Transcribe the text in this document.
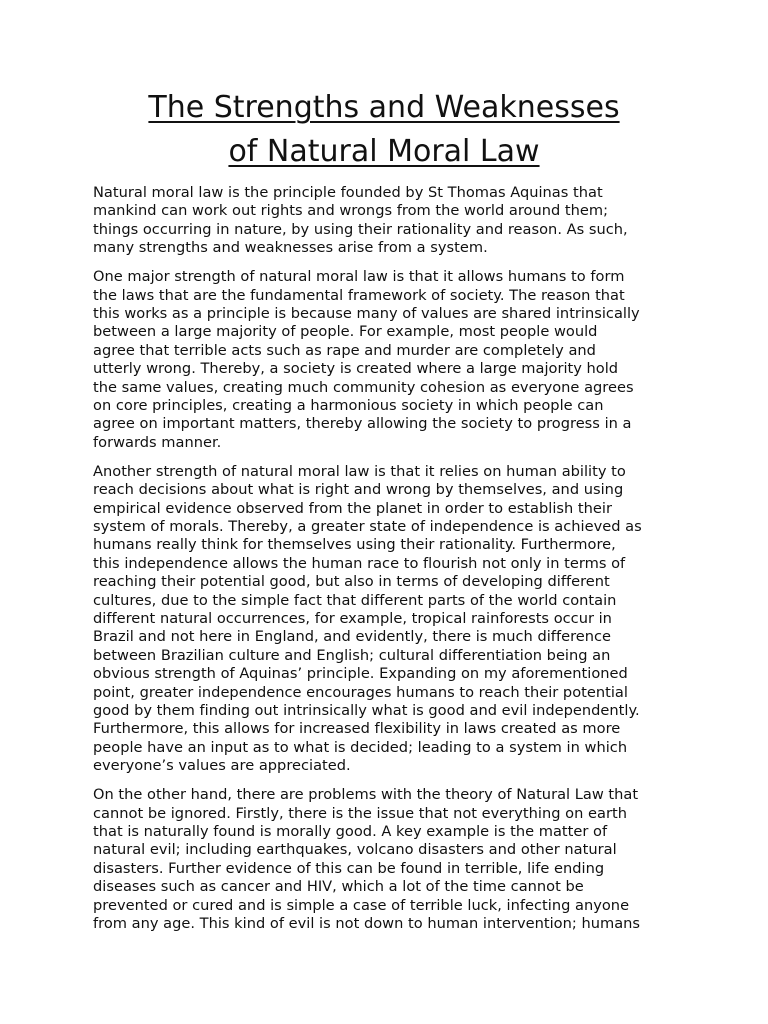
The Strengths and Weaknesses
of Natural Moral Law

Natural moral law is the principle founded by St Thomas Aquinas that
mankind can work out rights and wrongs from the world around them;
things occurring in nature, by using their rationality and reason. As such,
many strengths and weaknesses arise from a system.

One major strength of natural moral law is that it allows humans to form
the laws that are the fundamental framework of society. The reason that
this works as a principle is because many of values are shared intrinsically
between a large majority of people. For example, most people would
agree that terrible acts such as rape and murder are completely and
utterly wrong. Thereby, a society is created where a large majority hold
the same values, creating much community cohesion as everyone agrees
on core principles, creating a harmonious society in which people can
agree on important matters, thereby allowing the society to progress in a
forwards manner.

Another strength of natural moral law is that it relies on human ability to
reach decisions about what is right and wrong by themselves, and using
empirical evidence observed from the planet in order to establish their
system of morals. Thereby, a greater state of independence is achieved as
humans really think for themselves using their rationality. Furthermore,
this independence allows the human race to flourish not only in terms of
reaching their potential good, but also in terms of developing different
cultures, due to the simple fact that different parts of the world contain
different natural occurrences, for example, tropical rainforests occur in
Brazil and not here in England, and evidently, there is much difference
between Brazilian culture and English; cultural differentiation being an
obvious strength of Aquinas’ principle. Expanding on my aforementioned
point, greater independence encourages humans to reach their potential
good by them finding out intrinsically what is good and evil independently.
Furthermore, this allows for increased flexibility in laws created as more
people have an input as to what is decided; leading to a system in which
everyone’s values are appreciated.

On the other hand, there are problems with the theory of Natural Law that
cannot be ignored. Firstly, there is the issue that not everything on earth
that is naturally found is morally good. A key example is the matter of
natural evil; including earthquakes, volcano disasters and other natural
disasters. Further evidence of this can be found in terrible, life ending
diseases such as cancer and HIV, which a lot of the time cannot be
prevented or cured and is simple a case of terrible luck, infecting anyone
from any age. This kind of evil is not down to human intervention; humans
